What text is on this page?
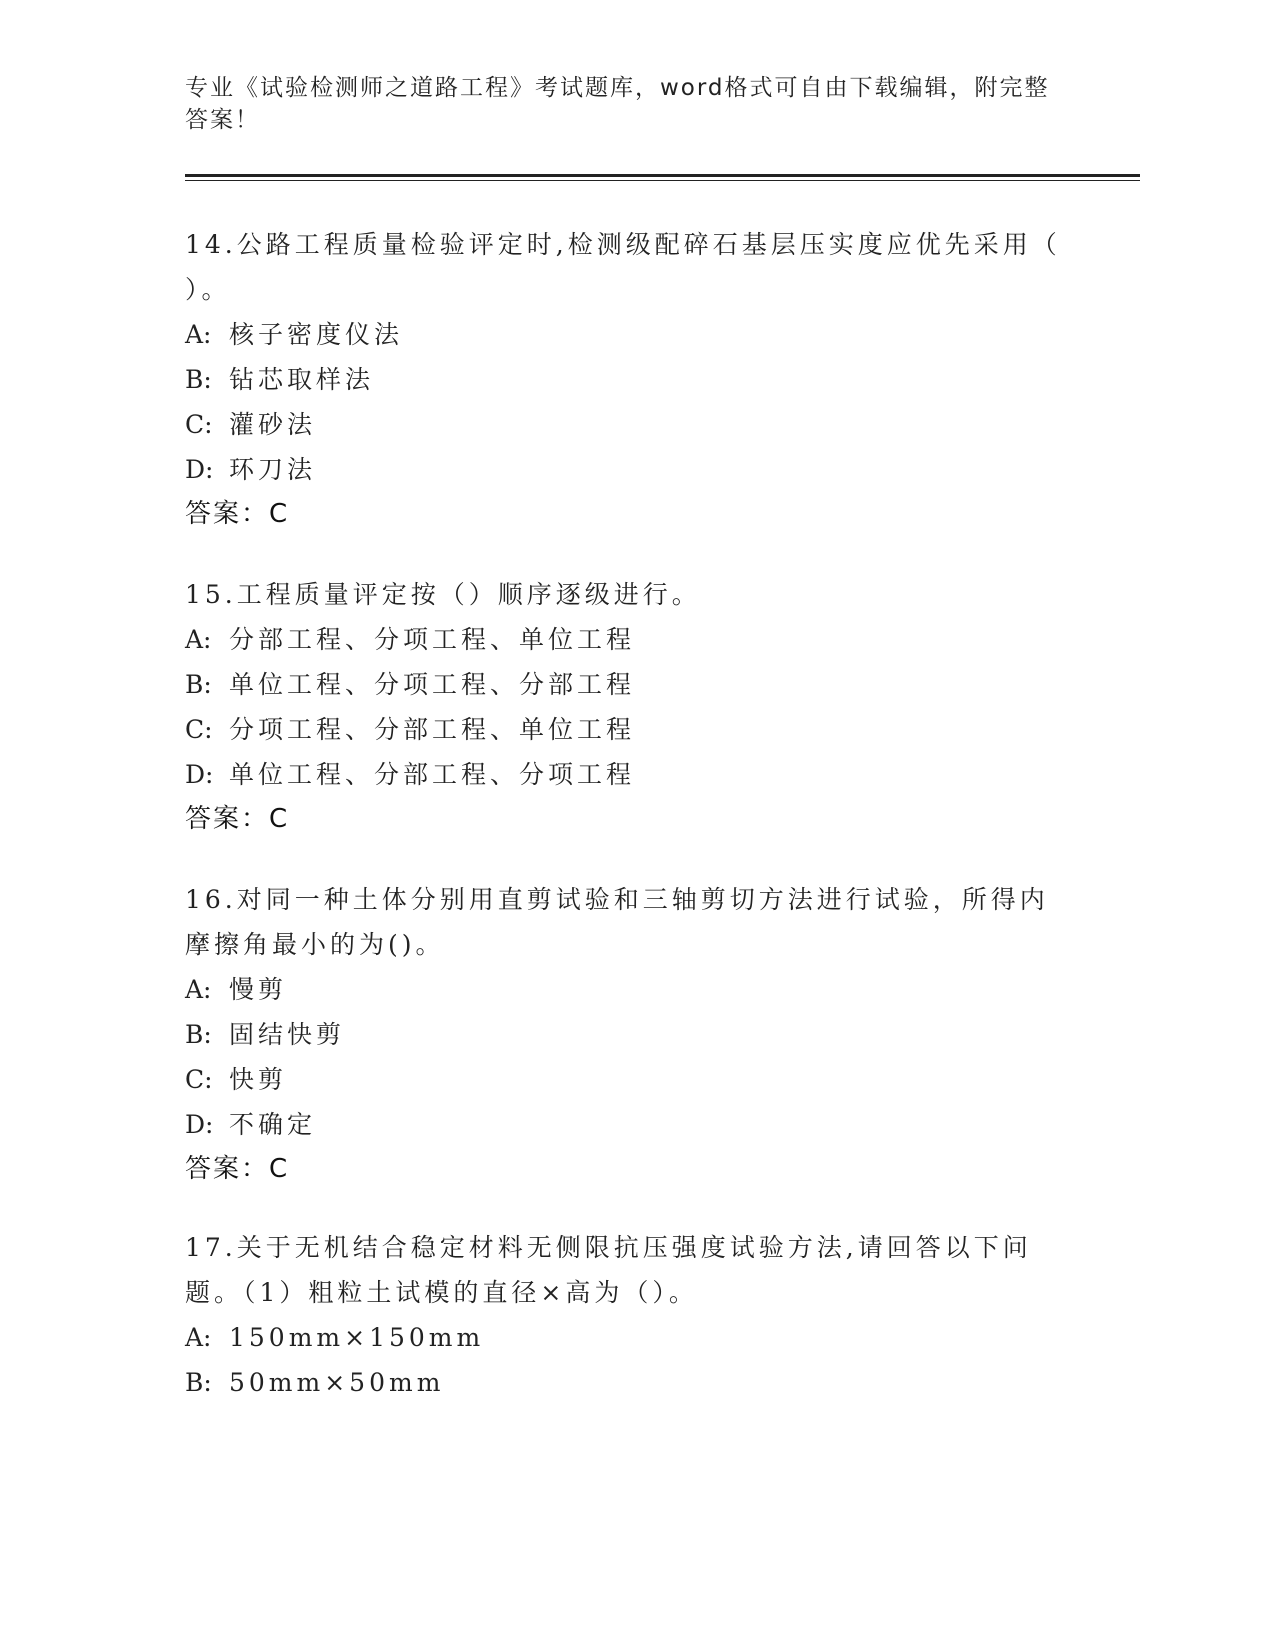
专业《试验检测师之道路工程》考试题库，word格式可自由下载编辑，附完整答案！
14.公路工程质量检验评定时,检测级配碎石基层压实度应优先采用（ ）。
A: 核子密度仪法
B: 钻芯取样法
C: 灌砂法
D: 环刀法
答案：C
15.工程质量评定按（）顺序逐级进行。
A: 分部工程、分项工程、单位工程
B: 单位工程、分项工程、分部工程
C: 分项工程、分部工程、单位工程
D: 单位工程、分部工程、分项工程
答案：C
16.对同一种土体分别用直剪试验和三轴剪切方法进行试验，所得内摩擦角最小的为()。
A: 慢剪
B: 固结快剪
C: 快剪
D: 不确定
答案：C
17.关于无机结合稳定材料无侧限抗压强度试验方法,请回答以下问题。（1）粗粒土试模的直径×高为（）。
A: 150mm×150mm
B: 50mm×50mm
